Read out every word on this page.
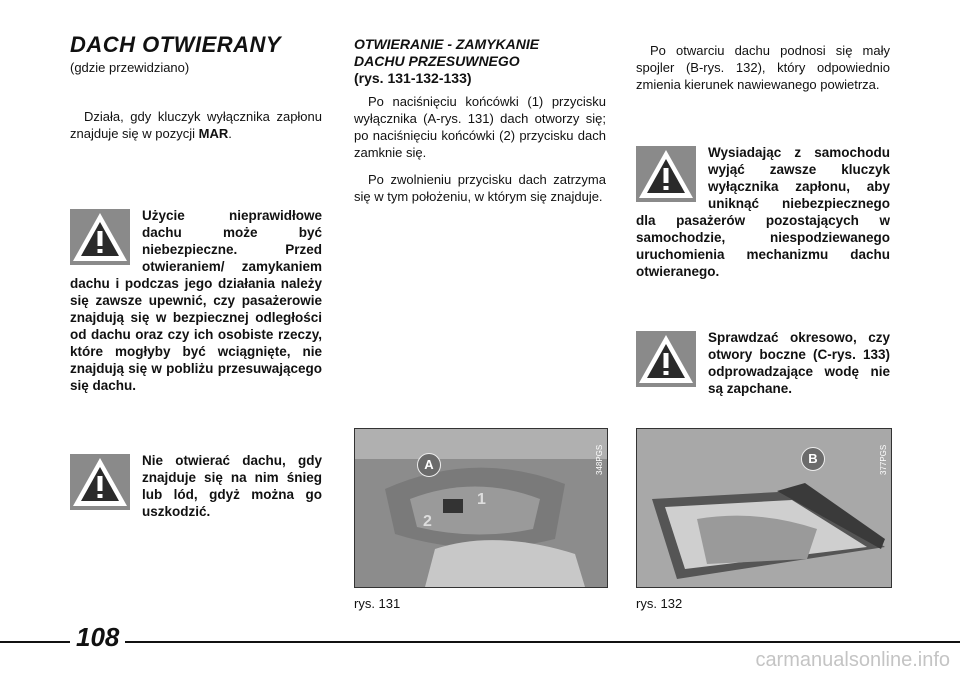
DACH OTWIERANY
(gdzie przewidziano)

Działa, gdy kluczyk wyłącznika zapłonu znajduje się w pozycji MAR.

Użycie nieprawidłowe dachu może być niebezpieczne. Przed otwieraniem/ zamykaniem dachu i podczas jego działania należy się zawsze upewnić, czy pasażerowie znajdują się w bezpiecznej odległości od dachu oraz czy ich osobiste rzeczy, które mogłyby być wciągnięte, nie znajdują się w pobliżu przesuwającego się dachu.
Nie otwierać dachu, gdy znajduje się na nim śnieg lub lód, gdyż można go uszkodzić.
OTWIERANIE - ZAMYKANIE DACHU PRZESUWNEGO
(rys. 131-132-133)

Po naciśnięciu końcówki (1) przycisku wyłącznika (A-rys. 131) dach otworzy się; po naciśnięciu końcówki (2) przycisku dach zamknie się.

Po zwolnieniu przycisku dach zatrzyma się w tym położeniu, w którym się znajduje.

A
1
2
348PGS
rys. 131

Po otwarciu dachu podnosi się mały spojler (B-rys. 132), który odpowiednio zmienia kierunek nawiewanego powietrza.

Wysiadając z samochodu wyjąć zawsze kluczyk wyłącznika zapłonu, aby uniknąć niebezpiecznego dla pasażerów pozostających w samochodzie, niespodziewanego uruchomienia mechanizmu dachu otwieranego.
Sprawdzać okresowo, czy otwory boczne (C-rys. 133) odprowadzające wodę nie są zapchane.
B	377PGS
rys. 132
108
carmanualsonline.info
